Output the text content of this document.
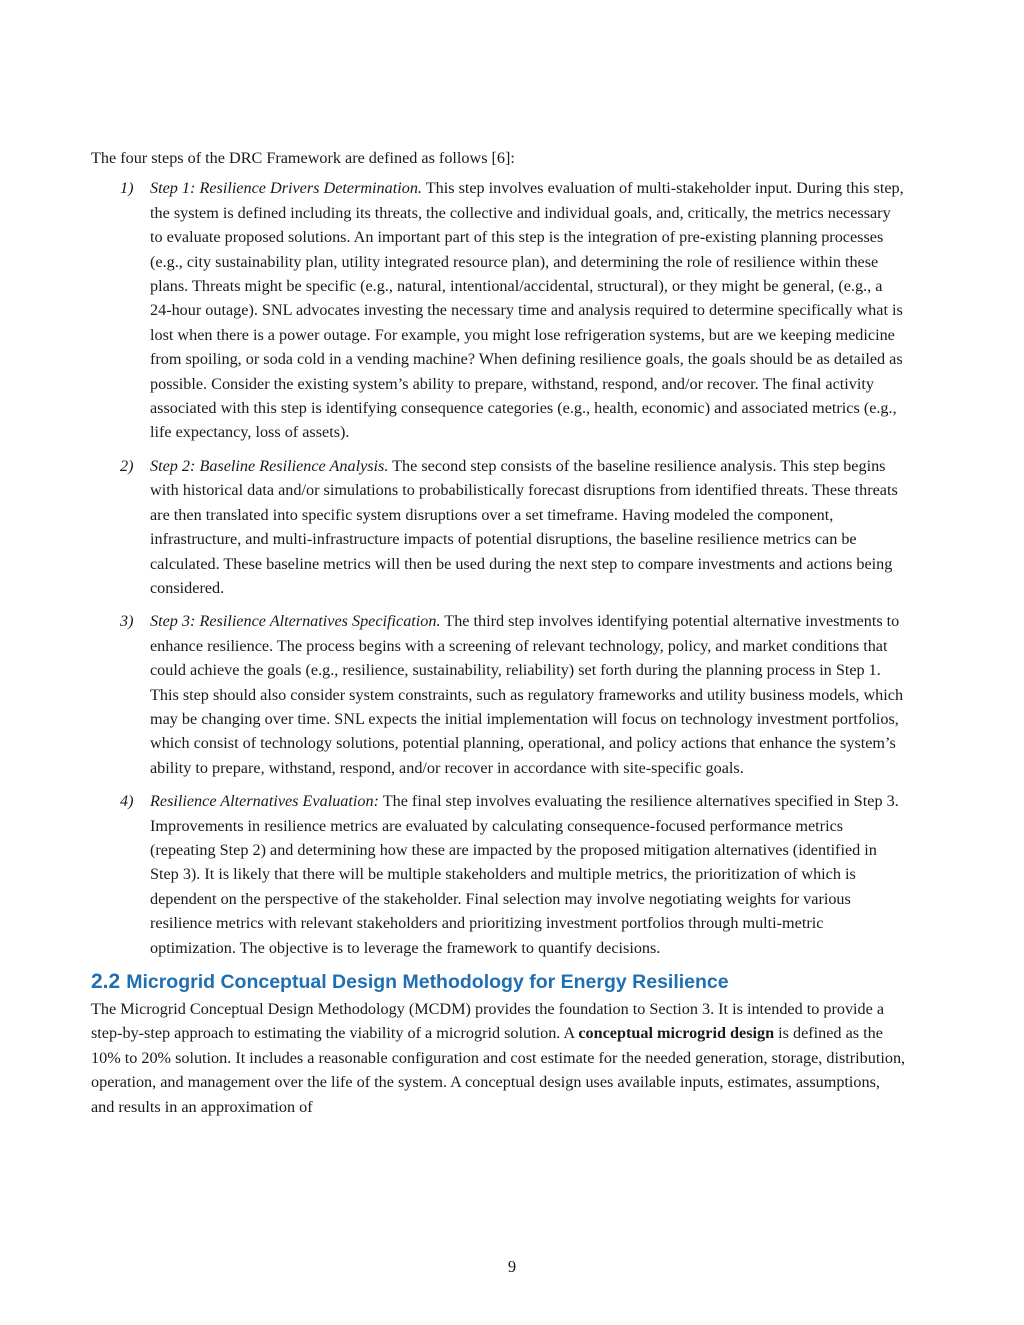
The four steps of the DRC Framework are defined as follows [6]:

1) Step 1: Resilience Drivers Determination. This step involves evaluation of multi-stakeholder input. During this step, the system is defined including its threats, the collective and individual goals, and, critically, the metrics necessary to evaluate proposed solutions. An important part of this step is the integration of pre-existing planning processes (e.g., city sustainability plan, utility integrated resource plan), and determining the role of resilience within these plans. Threats might be specific (e.g., natural, intentional/accidental, structural), or they might be general, (e.g., a 24-hour outage). SNL advocates investing the necessary time and analysis required to determine specifically what is lost when there is a power outage. For example, you might lose refrigeration systems, but are we keeping medicine from spoiling, or soda cold in a vending machine? When defining resilience goals, the goals should be as detailed as possible. Consider the existing system’s ability to prepare, withstand, respond, and/or recover. The final activity associated with this step is identifying consequence categories (e.g., health, economic) and associated metrics (e.g., life expectancy, loss of assets).
2) Step 2: Baseline Resilience Analysis. The second step consists of the baseline resilience analysis. This step begins with historical data and/or simulations to probabilistically forecast disruptions from identified threats. These threats are then translated into specific system disruptions over a set timeframe. Having modeled the component, infrastructure, and multi-infrastructure impacts of potential disruptions, the baseline resilience metrics can be calculated. These baseline metrics will then be used during the next step to compare investments and actions being considered.
3) Step 3: Resilience Alternatives Specification. The third step involves identifying potential alternative investments to enhance resilience. The process begins with a screening of relevant technology, policy, and market conditions that could achieve the goals (e.g., resilience, sustainability, reliability) set forth during the planning process in Step 1. This step should also consider system constraints, such as regulatory frameworks and utility business models, which may be changing over time. SNL expects the initial implementation will focus on technology investment portfolios, which consist of technology solutions, potential planning, operational, and policy actions that enhance the system’s ability to prepare, withstand, respond, and/or recover in accordance with site-specific goals.
4) Resilience Alternatives Evaluation: The final step involves evaluating the resilience alternatives specified in Step 3. Improvements in resilience metrics are evaluated by calculating consequence-focused performance metrics (repeating Step 2) and determining how these are impacted by the proposed mitigation alternatives (identified in Step 3). It is likely that there will be multiple stakeholders and multiple metrics, the prioritization of which is dependent on the perspective of the stakeholder. Final selection may involve negotiating weights for various resilience metrics with relevant stakeholders and prioritizing investment portfolios through multi-metric optimization. The objective is to leverage the framework to quantify decisions.
2.2 Microgrid Conceptual Design Methodology for Energy Resilience

The Microgrid Conceptual Design Methodology (MCDM) provides the foundation to Section 3. It is intended to provide a step-by-step approach to estimating the viability of a microgrid solution. A conceptual microgrid design is defined as the 10% to 20% solution. It includes a reasonable configuration and cost estimate for the needed generation, storage, distribution, operation, and management over the life of the system. A conceptual design uses available inputs, estimates, assumptions, and results in an approximation of

9
